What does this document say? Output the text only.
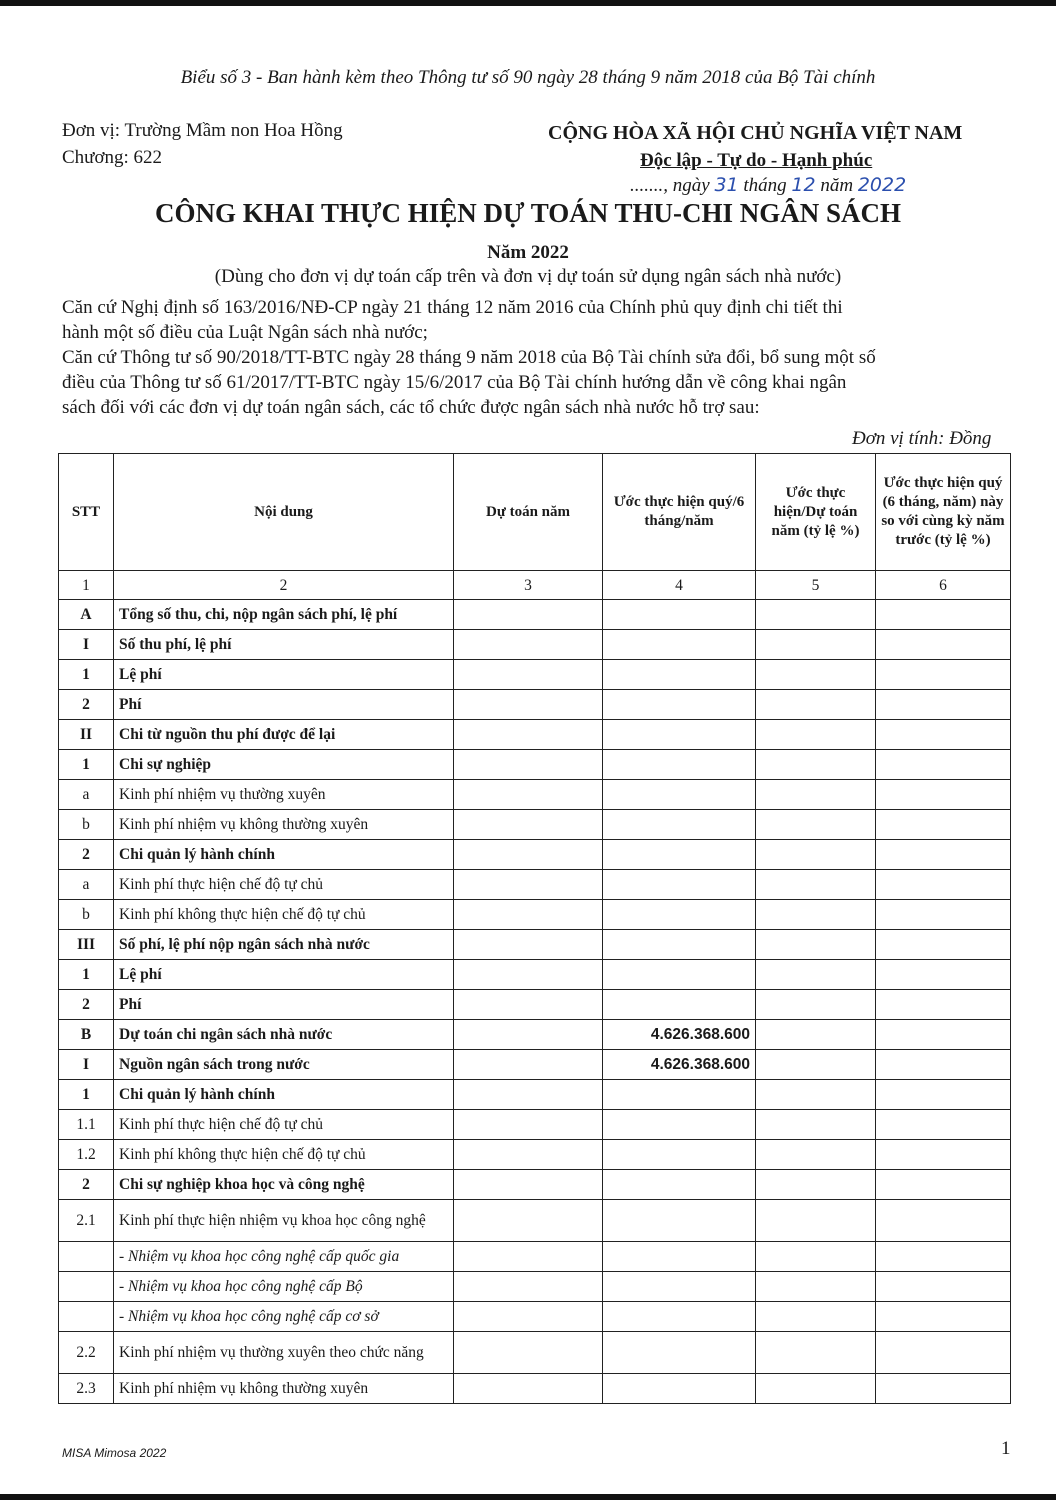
Biểu số 3 - Ban hành kèm theo Thông tư số 90 ngày 28 tháng 9 năm 2018 của Bộ Tài chính
Đơn vị: Trường Mầm non Hoa Hồng
Chương: 622
CỘNG HÒA XÃ HỘI CHỦ NGHĨA VIỆT NAM
Độc lập - Tự do - Hạnh phúc
......., ngày 31 tháng 12 năm 2022
CÔNG KHAI THỰC HIỆN DỰ TOÁN THU-CHI NGÂN SÁCH
Năm 2022
(Dùng cho đơn vị dự toán cấp trên và đơn vị dự toán sử dụng ngân sách nhà nước)
Căn cứ Nghị định số 163/2016/NĐ-CP ngày 21 tháng 12 năm 2016 của Chính phủ quy định chi tiết thi
hành một số điều của Luật Ngân sách nhà nước;
Căn cứ Thông tư số 90/2018/TT-BTC ngày 28 tháng 9 năm 2018 của Bộ Tài chính sửa đổi, bổ sung một số
điều của Thông tư số 61/2017/TT-BTC ngày 15/6/2017 của Bộ Tài chính hướng dẫn về công khai ngân
sách đối với các đơn vị dự toán ngân sách, các tổ chức được ngân sách nhà nước hỗ trợ sau:
Đơn vị tính: Đồng
STT	Nội dung	Dự toán năm	Ước thực hiện quý/6 tháng/năm	Ước thực hiện/Dự toán năm (tỷ lệ %)	Ước thực hiện quý (6 tháng, năm) này so với cùng kỳ năm trước (tỷ lệ %)
1	2	3	4	5	6
A	Tổng số thu, chi, nộp ngân sách phí, lệ phí				
I	Số thu phí, lệ phí				
1	Lệ phí				
2	Phí				
II	Chi từ nguồn thu phí được để lại				
1	Chi sự nghiệp				
a	Kinh phí nhiệm vụ thường xuyên				
b	Kinh phí nhiệm vụ không thường xuyên				
2	Chi quản lý hành chính				
a	Kinh phí thực hiện chế độ tự chủ				
b	Kinh phí không thực hiện chế độ tự chủ				
III	Số phí, lệ phí nộp ngân sách nhà nước				
1	Lệ phí				
2	Phí				
B	Dự toán chi ngân sách nhà nước		4.626.368.600		
I	Nguồn ngân sách trong nước		4.626.368.600		
1	Chi quản lý hành chính				
1.1	Kinh phí thực hiện chế độ tự chủ				
1.2	Kinh phí không thực hiện chế độ tự chủ				
2	Chi sự nghiệp khoa học và công nghệ				
2.1	Kinh phí thực hiện nhiệm vụ khoa học công nghệ				
	- Nhiệm vụ khoa học công nghệ cấp quốc gia				
	- Nhiệm vụ khoa học công nghệ cấp Bộ				
	- Nhiệm vụ khoa học công nghệ cấp cơ sở				
2.2	Kinh phí nhiệm vụ thường xuyên theo chức năng				
2.3	Kinh phí nhiệm vụ không thường xuyên				
MISA Mimosa 2022	1
